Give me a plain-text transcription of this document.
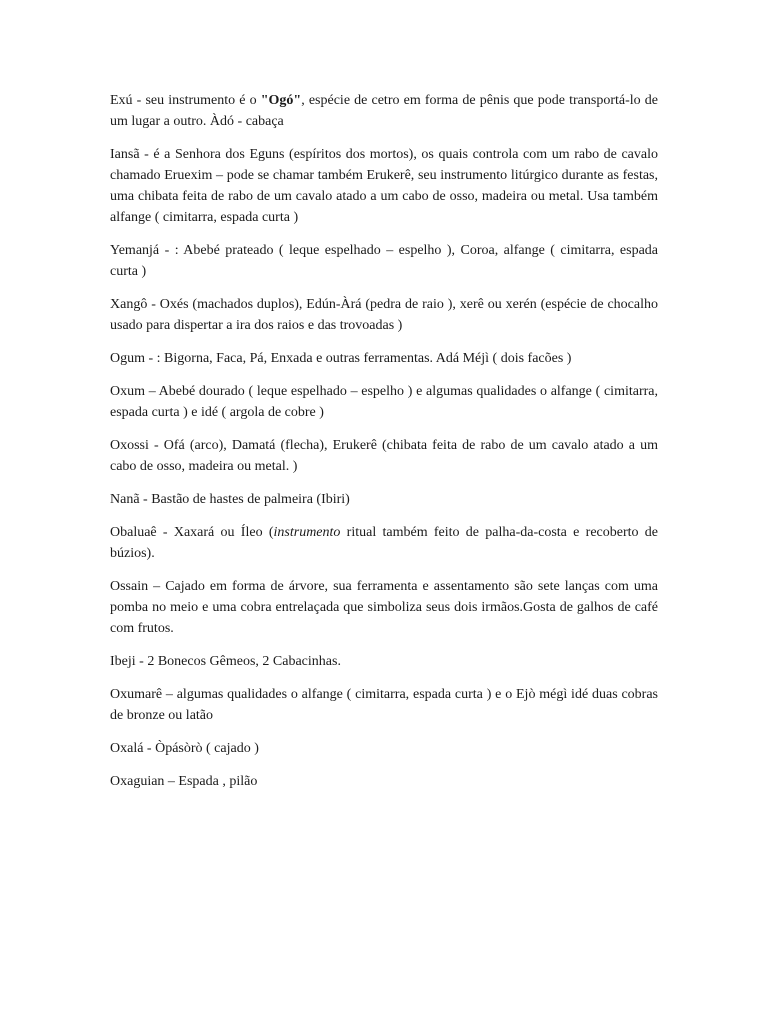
Exú - seu instrumento é o "Ogó", espécie de cetro em forma de pênis que pode transportá-lo de um lugar a outro. Àdó - cabaça

Iansã - é a Senhora dos Eguns (espíritos dos mortos), os quais controla com um rabo de cavalo chamado Eruexim – pode se chamar também Erukerê, seu instrumento litúrgico durante as festas, uma chibata feita de rabo de um cavalo atado a um cabo de osso, madeira ou metal. Usa também alfange ( cimitarra, espada curta )

Yemanjá - : Abebé prateado ( leque espelhado – espelho ), Coroa, alfange ( cimitarra, espada curta )

Xangô - Oxés (machados duplos), Edún-Àrá (pedra de raio ), xerê ou xerén (espécie de chocalho usado para dispertar a ira dos raios e das trovoadas )

Ogum - : Bigorna, Faca, Pá, Enxada e outras ferramentas. Adá Méjì ( dois facões )

Oxum – Abebé dourado ( leque espelhado – espelho ) e algumas qualidades o alfange ( cimitarra, espada curta ) e idé ( argola de cobre )

Oxossi - Ofá (arco), Damatá (flecha), Erukerê (chibata feita de rabo de um cavalo atado a um cabo de osso, madeira ou metal. )

Nanã - Bastão de hastes de palmeira (Ibiri)

Obaluaê - Xaxará ou Íleo (instrumento ritual também feito de palha-da-costa e recoberto de búzios).

Ossain – Cajado em forma de árvore, sua ferramenta e assentamento são sete lanças com uma pomba no meio e uma cobra entrelaçada que simboliza seus dois irmãos.Gosta de galhos de café com frutos.

Ibeji - 2 Bonecos Gêmeos, 2 Cabacinhas.

Oxumarê – algumas qualidades o alfange ( cimitarra, espada curta ) e o Ejò mégì idé duas cobras de bronze ou latão

Oxalá - Òpásòrò ( cajado )

Oxaguian – Espada , pilão
